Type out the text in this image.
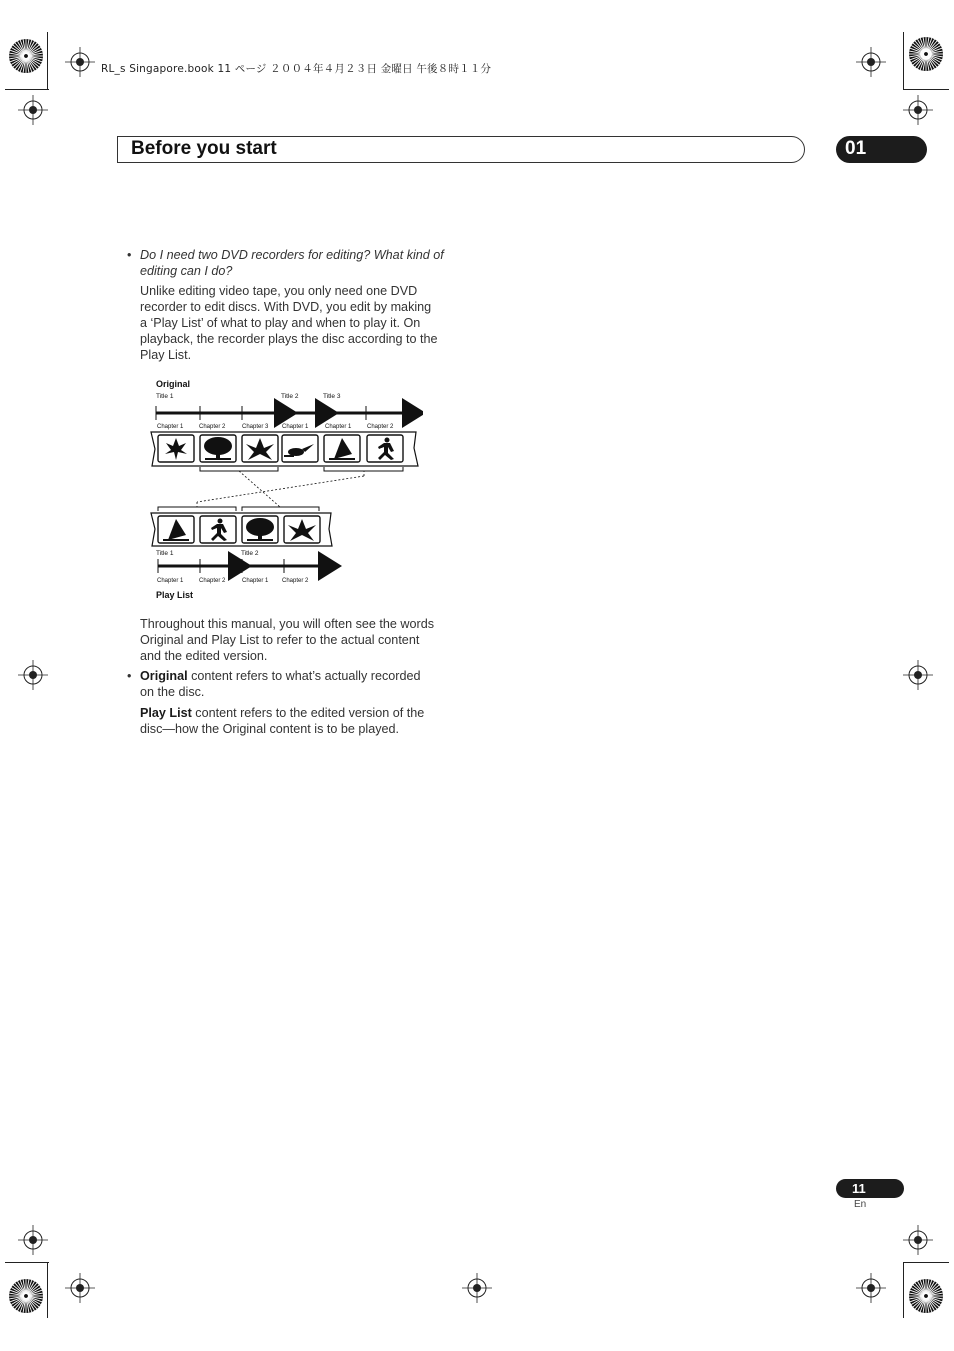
RL_s Singapore.book 11 ページ ２００４年４月２３日 金曜日 午後８時１１分
Before you start	01
• Do I need two DVD recorders for editing? What kind of editing can I do?
Unlike editing video tape, you only need one DVD
recorder to edit discs. With DVD, you edit by making
a ‘Play List’ of what to play and when to play it. On
playback, the recorder plays the disc according to the
Play List.
Original
Title 1	Title 2	Title 3
Chapter 1	Chapter 2	Chapter 3 Chapter 1	Chapter 1	Chapter 2
Title 1	Title 2
Chapter 1	Chapter 2	Chapter 1 Chapter 2
Play List
Throughout this manual, you will often see the words
Original and Play List to refer to the actual content
and the edited version.
• Original content refers to what’s actually recorded
on the disc.
Play List content refers to the edited version of the
disc—how the Original content is to be played.
11
En
